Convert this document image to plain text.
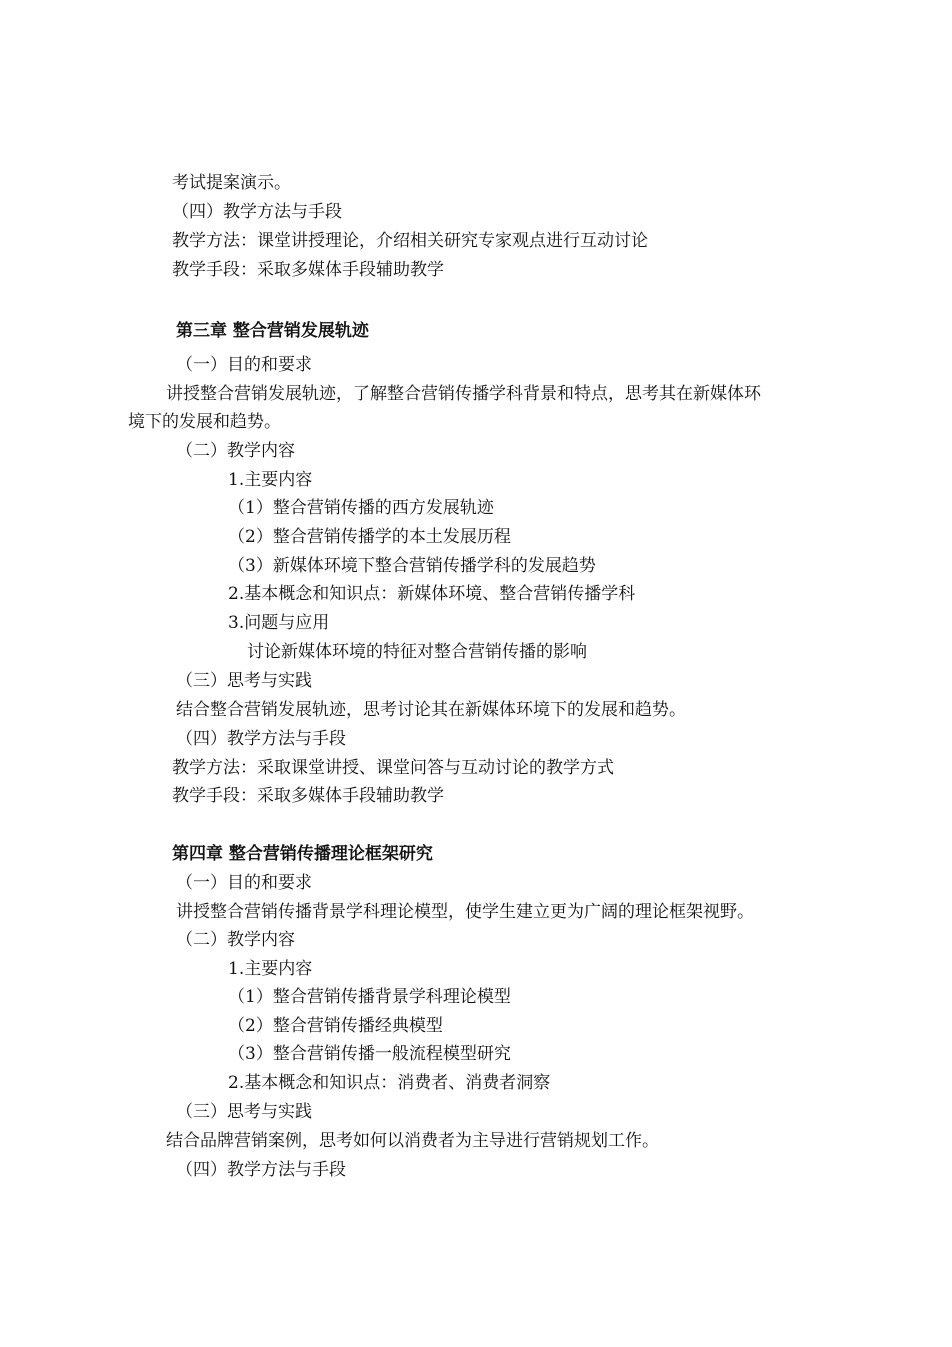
考试提案演示。
（四）教学方法与手段
教学方法：课堂讲授理论，介绍相关研究专家观点进行互动讨论
教学手段：采取多媒体手段辅助教学
第三章 整合营销发展轨迹
（一）目的和要求
讲授整合营销发展轨迹，了解整合营销传播学科背景和特点，思考其在新媒体环
境下的发展和趋势。
（二）教学内容
1.主要内容
（1）整合营销传播的西方发展轨迹
（2）整合营销传播学的本土发展历程
（3）新媒体环境下整合营销传播学科的发展趋势
2.基本概念和知识点：新媒体环境、整合营销传播学科
3.问题与应用
讨论新媒体环境的特征对整合营销传播的影响
（三）思考与实践
结合整合营销发展轨迹，思考讨论其在新媒体环境下的发展和趋势。
（四）教学方法与手段
教学方法：采取课堂讲授、课堂问答与互动讨论的教学方式
教学手段：采取多媒体手段辅助教学
第四章 整合营销传播理论框架研究
（一）目的和要求
讲授整合营销传播背景学科理论模型，使学生建立更为广阔的理论框架视野。
（二）教学内容
1.主要内容
（1）整合营销传播背景学科理论模型
（2）整合营销传播经典模型
（3）整合营销传播一般流程模型研究
2.基本概念和知识点：消费者、消费者洞察
（三）思考与实践
结合品牌营销案例，思考如何以消费者为主导进行营销规划工作。
（四）教学方法与手段
